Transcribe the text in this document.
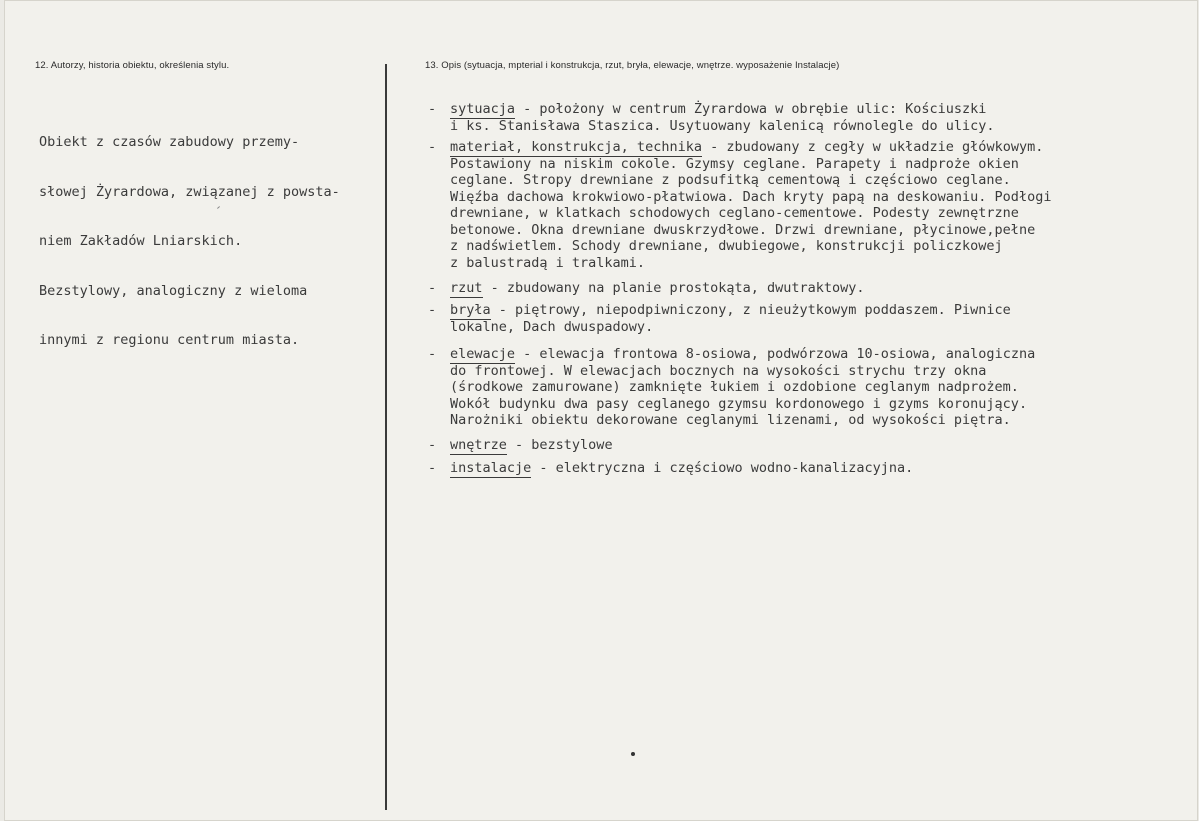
12. Autorzy, historia obiektu, określenia stylu.	13. Opis (sytuacja, mpterial i konstrukcja, rzut, bryła, elewacje, wnętrze. wyposażenie Instalacje)

Obiekt z czasów zabudowy przemy-

słowej Żyrardowa, związanej z powsta-

niem Zakładów Lniarskich.

Bezstylowy, analogiczny z wieloma

innymi z regionu centrum miasta.

- sytuacja - położony w centrum Żyrardowa w obrębie ulic: Kościuszki
i ks. Stanisława Staszica. Usytuowany kalenicą równolegle do ulicy.
- materiał, konstrukcja, technika - zbudowany z cegły w układzie główkowym.
Postawiony na niskim cokole. Gzymsy ceglane. Parapety i nadproże okien
ceglane. Stropy drewniane z podsufitką cementową i częściowo ceglane.
Więźba dachowa krokwiowo-płatwiowa. Dach kryty papą na deskowaniu. Podłogi
drewniane, w klatkach schodowych ceglano-cementowe. Podesty zewnętrzne
betonowe. Okna drewniane dwuskrzydłowe. Drzwi drewniane, płycinowe,pełne
z nadświetlem. Schody drewniane, dwubiegowe, konstrukcji policzkowej
z balustradą i tralkami.
- rzut - zbudowany na planie prostokąta, dwutraktowy.
- bryła - piętrowy, niepodpiwniczony, z nieużytkowym poddaszem. Piwnice
lokalne, Dach dwuspadowy.
- elewacje - elewacja frontowa 8-osiowa, podwórzowa 10-osiowa, analogiczna
do frontowej. W elewacjach bocznych na wysokości strychu trzy okna
(środkowe zamurowane) zamknięte łukiem i ozdobione ceglanym nadprożem.
Wokół budynku dwa pasy ceglanego gzymsu kordonowego i gzyms koronujący.
Narożniki obiektu dekorowane ceglanymi lizenami, od wysokości piętra.
- wnętrze - bezstylowe
- instalacje - elektryczna i częściowo wodno-kanalizacyjna.
